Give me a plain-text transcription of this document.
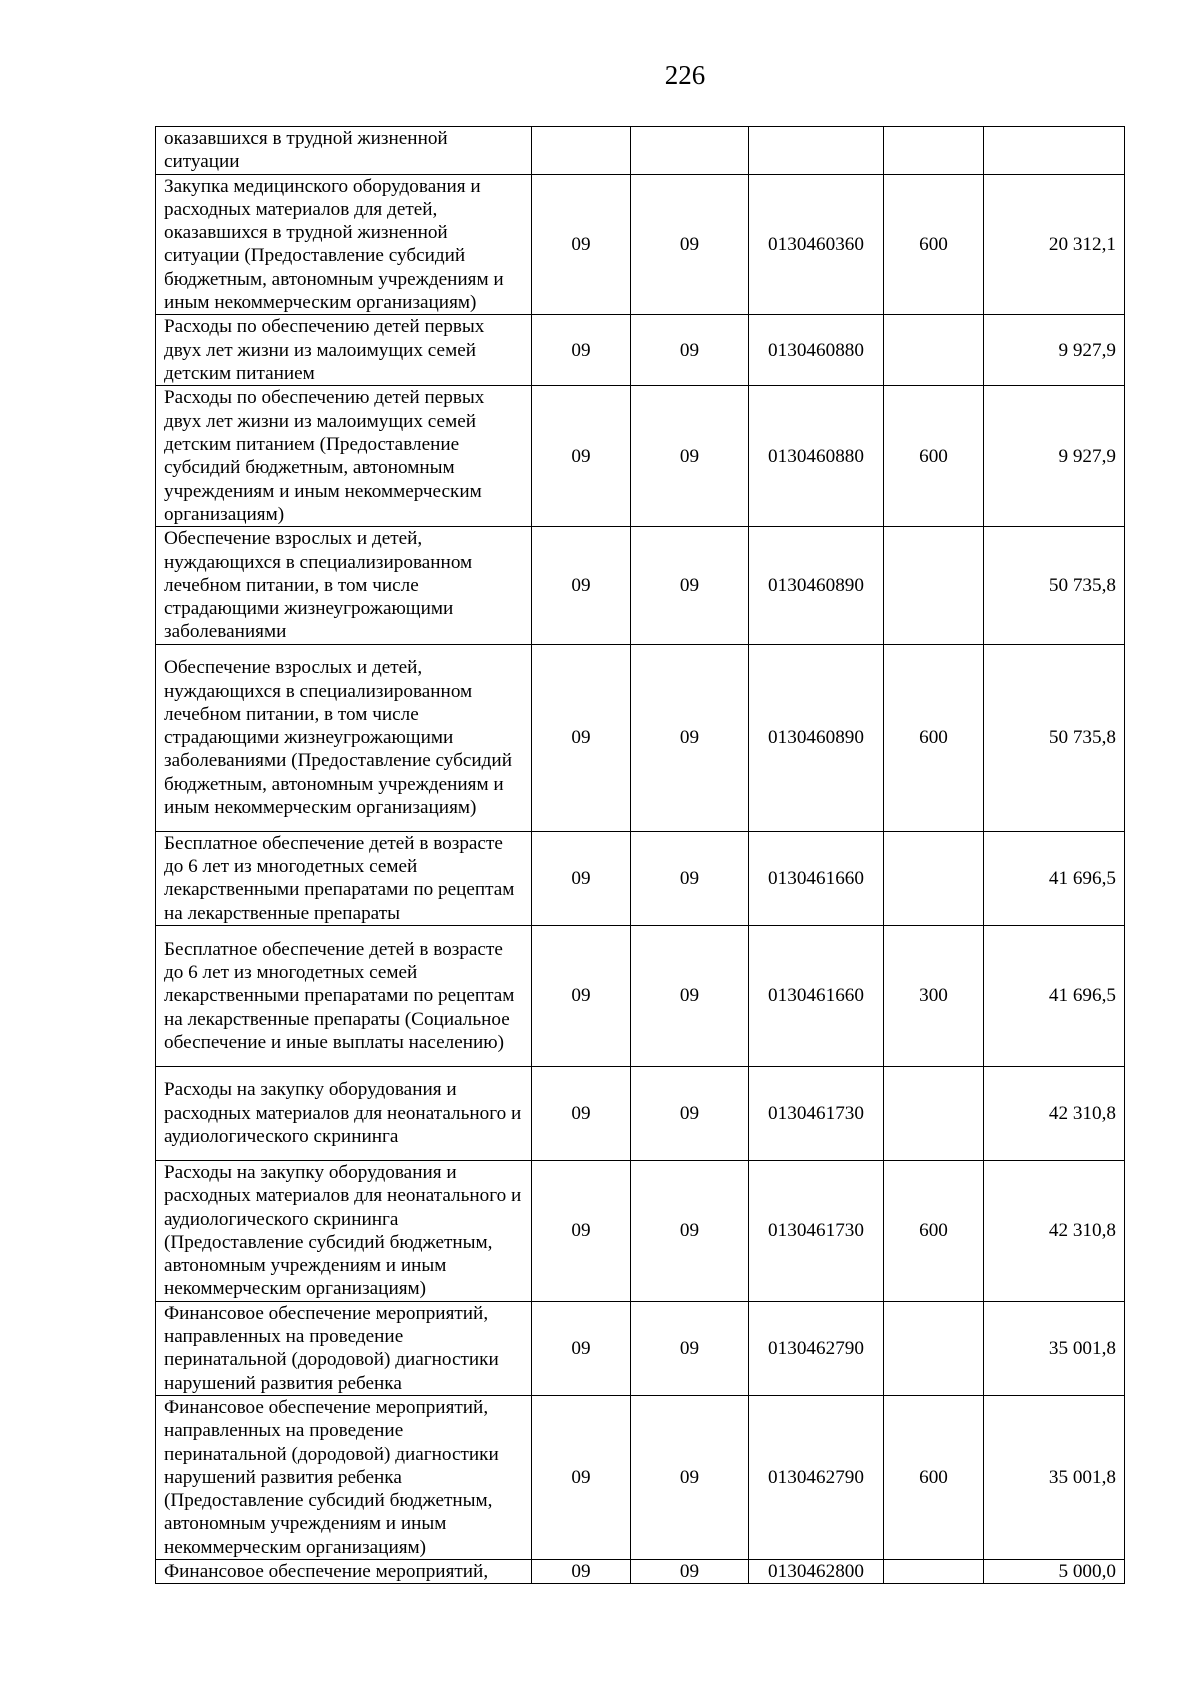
226
оказавшихся в трудной жизненной ситуации					
Закупка медицинского оборудования и расходных материалов для детей, оказавшихся в трудной жизненной ситуации (Предоставление субсидий бюджетным, автономным учреждениям и иным некоммерческим организациям)	09	09	0130460360	600	20 312,1
Расходы по обеспечению детей первых двух лет жизни из малоимущих семей детским питанием	09	09	0130460880		9 927,9
Расходы по обеспечению детей первых двух лет жизни из малоимущих семей детским питанием (Предоставление субсидий бюджетным, автономным учреждениям и иным некоммерческим организациям)	09	09	0130460880	600	9 927,9
Обеспечение взрослых и детей, нуждающихся в специализированном лечебном питании, в том числе страдающими жизнеугрожающими заболеваниями	09	09	0130460890		50 735,8
Обеспечение взрослых и детей, нуждающихся в специализированном лечебном питании, в том числе страдающими жизнеугрожающими заболеваниями (Предоставление субсидий бюджетным, автономным учреждениям и иным некоммерческим организациям)	09	09	0130460890	600	50 735,8
Бесплатное обеспечение детей в возрасте до 6 лет из многодетных семей лекарственными препаратами по рецептам на лекарственные препараты	09	09	0130461660		41 696,5
Бесплатное обеспечение детей в возрасте до 6 лет из многодетных семей лекарственными препаратами по рецептам на лекарственные препараты (Социальное обеспечение и иные выплаты населению)	09	09	0130461660	300	41 696,5
Расходы на закупку оборудования и расходных материалов для неонатального и аудиологического скрининга	09	09	0130461730		42 310,8
Расходы на закупку оборудования и расходных материалов для неонатального и аудиологического скрининга (Предоставление субсидий бюджетным, автономным учреждениям и иным некоммерческим организациям)	09	09	0130461730	600	42 310,8
Финансовое обеспечение мероприятий, направленных на проведение перинатальной (дородовой) диагностики нарушений развития ребенка	09	09	0130462790		35 001,8
Финансовое обеспечение мероприятий, направленных на проведение перинатальной (дородовой) диагностики нарушений развития ребенка (Предоставление субсидий бюджетным, автономным учреждениям и иным некоммерческим организациям)	09	09	0130462790	600	35 001,8
Финансовое обеспечение мероприятий,	09	09	0130462800		5 000,0
